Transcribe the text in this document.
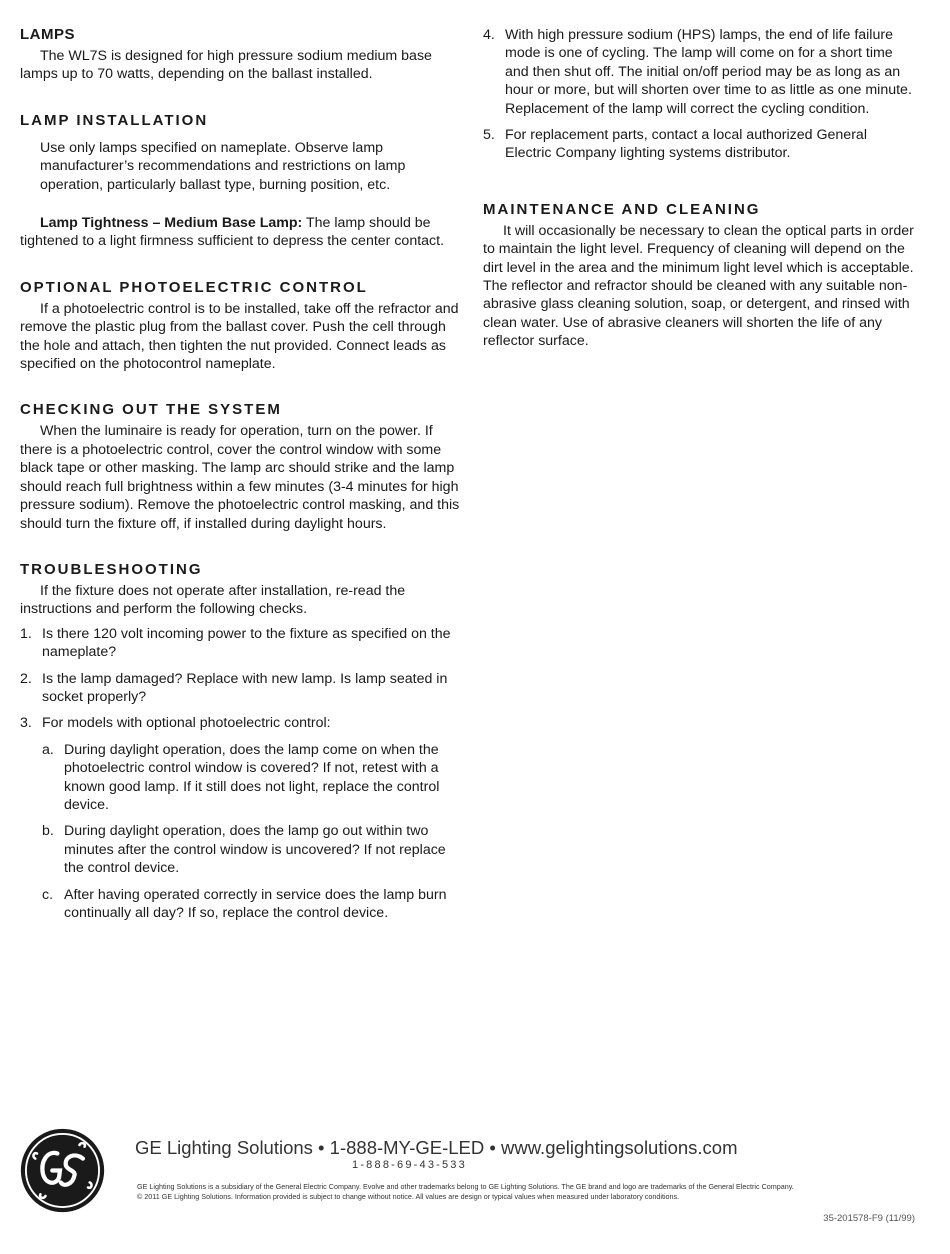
LAMPS

The WL7S is designed for high pressure sodium medium base lamps up to 70 watts, depending on the ballast installed.

LAMP INSTALLATION

Use only lamps specified on nameplate. Observe lamp manufacturer’s recommendations and restrictions on lamp operation, particularly ballast type, burning position, etc.

Lamp Tightness – Medium Base Lamp: The lamp should be tightened to a light firmness sufficient to depress the center contact.

OPTIONAL PHOTOELECTRIC CONTROL

If a photoelectric control is to be installed, take off the refractor and remove the plastic plug from the ballast cover. Push the cell through the hole and attach, then tighten the nut provided. Connect leads as specified on the photocontrol nameplate.

CHECKING OUT THE SYSTEM

When the luminaire is ready for operation, turn on the power. If there is a photoelectric control, cover the control window with some black tape or other masking. The lamp arc should strike and the lamp should reach full brightness within a few minutes (3-4 minutes for high pressure sodium). Remove the photoelectric control masking, and this should turn the fixture off, if installed during daylight hours.

TROUBLESHOOTING

If the fixture does not operate after installation, re-read the instructions and perform the following checks.

1. Is there 120 volt incoming power to the fixture as specified on the nameplate?
2. Is the lamp damaged? Replace with new lamp. Is lamp seated in socket properly?
3. For models with optional photoelectric control:
a. During daylight operation, does the lamp come on when the photoelectric control window is covered? If not, retest with a known good lamp. If it still does not light, replace the control device.
b. During daylight operation, does the lamp go out within two minutes after the control window is uncovered? If not replace the control device.
c. After having operated correctly in service does the lamp burn continually all day? If so, replace the control device.
4. With high pressure sodium (HPS) lamps, the end of life failure mode is one of cycling. The lamp will come on for a short time and then shut off. The initial on/off period may be as long as an hour or more, but will shorten over time to as little as one minute. Replacement of the lamp will correct the cycling condition.
5. For replacement parts, contact a local authorized General Electric Company lighting systems distributor.
MAINTENANCE AND CLEANING

It will occasionally be necessary to clean the optical parts in order to maintain the light level. Frequency of cleaning will depend on the dirt level in the area and the minimum light level which is acceptable. The reflector and refractor should be cleaned with any suitable non-abrasive glass cleaning solution, soap, or detergent, and rinsed with clean water. Use of abrasive cleaners will shorten the life of any reflector surface.

GE Lighting Solutions • 1-888-MY-GE-LED • www.gelightingsolutions.com
1-888-69-43-533
GE Lighting Solutions is a subsidiary of the General Electric Company. Evolve and other trademarks belong to GE Lighting Solutions. The GE brand and logo are trademarks of the General Electric Company.
© 2011 GE Lighting Solutions. Information provided is subject to change without notice. All values are design or typical values when measured under laboratory conditions.
35-201578-F9 (11/99)
